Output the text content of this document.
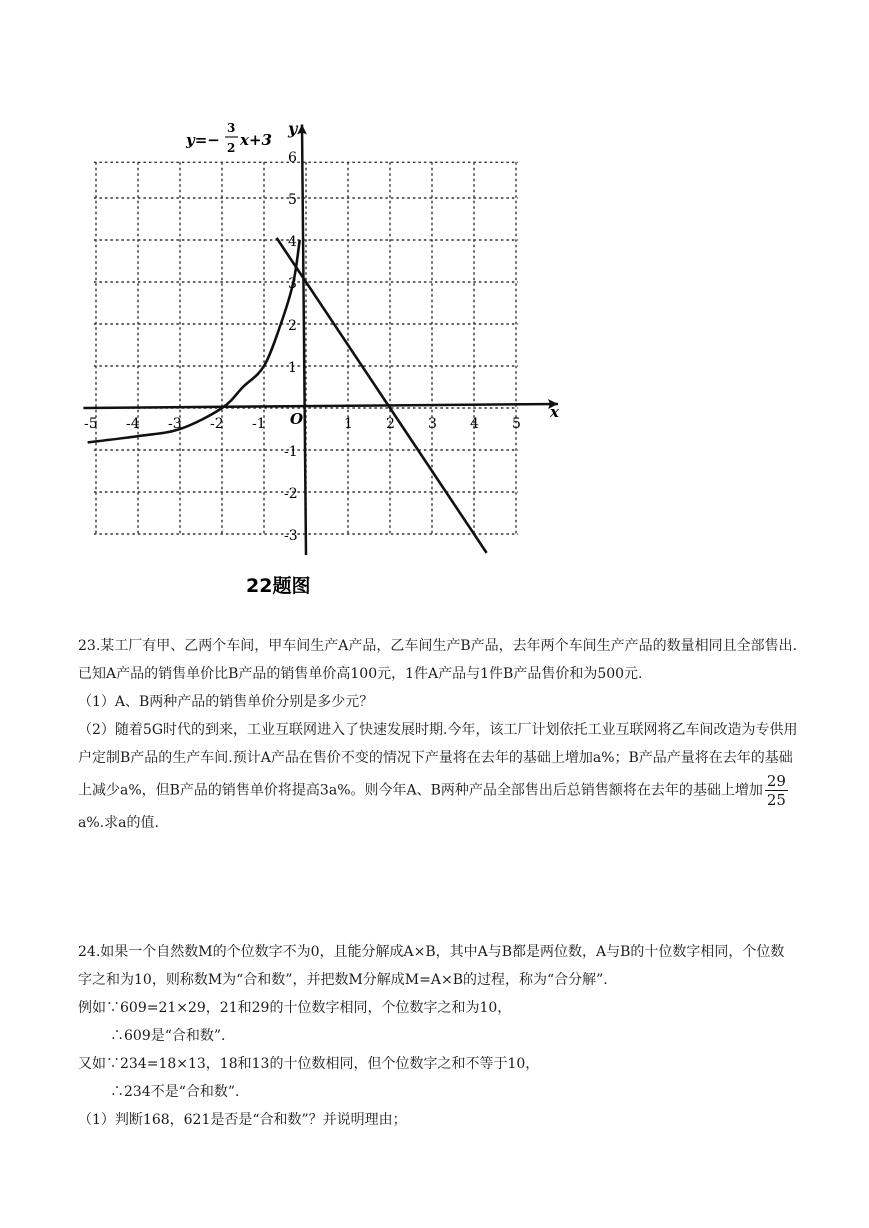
-5 -4 -3 -2 -1	1 2 3 4 5
-3
-2
-1
1
2
3
4
5
6
y=−
3
2 x+3
y
x
O
22题图

23.某工厂有甲、乙两个车间，甲车间生产A产品，乙车间生产B产品，去年两个车间生产产品的数量相同且全部售出.已知A产品的销售单价比B产品的销售单价高100元，1件A产品与1件B产品售价和为500元.

（1）A、B两种产品的销售单价分别是多少元？

（2）随着5G时代的到来，工业互联网进入了快速发展时期.今年，该工厂计划依托工业互联网将乙车间改造为专供用户定制B产品的生产车间.预计A产品在售价不变的情况下产量将在去年的基础上增加a%；B产品产量将在去年的基础上减少a%，但B产品的销售单价将提高3a%。则今年A、B两种产品全部售出后总销售额将在去年的基础上增加 $\frac{29}{25}$
a%.求a的值.

24.如果一个自然数M的个位数字不为0，且能分解成A×B，其中A与B都是两位数，A与B的十位数字相同，个位数字之和为10，则称数M为“合和数”，并把数M分解成M=A×B的过程，称为“合分解”.

例如∵609=21×29，21和29的十位数字相同，个位数字之和为10，

∴609是“合和数”.

又如∵234=18×13，18和13的十位数相同，但个位数字之和不等于10，

∴234不是“合和数”.

（1）判断168，621是否是“合和数”？并说明理由；
